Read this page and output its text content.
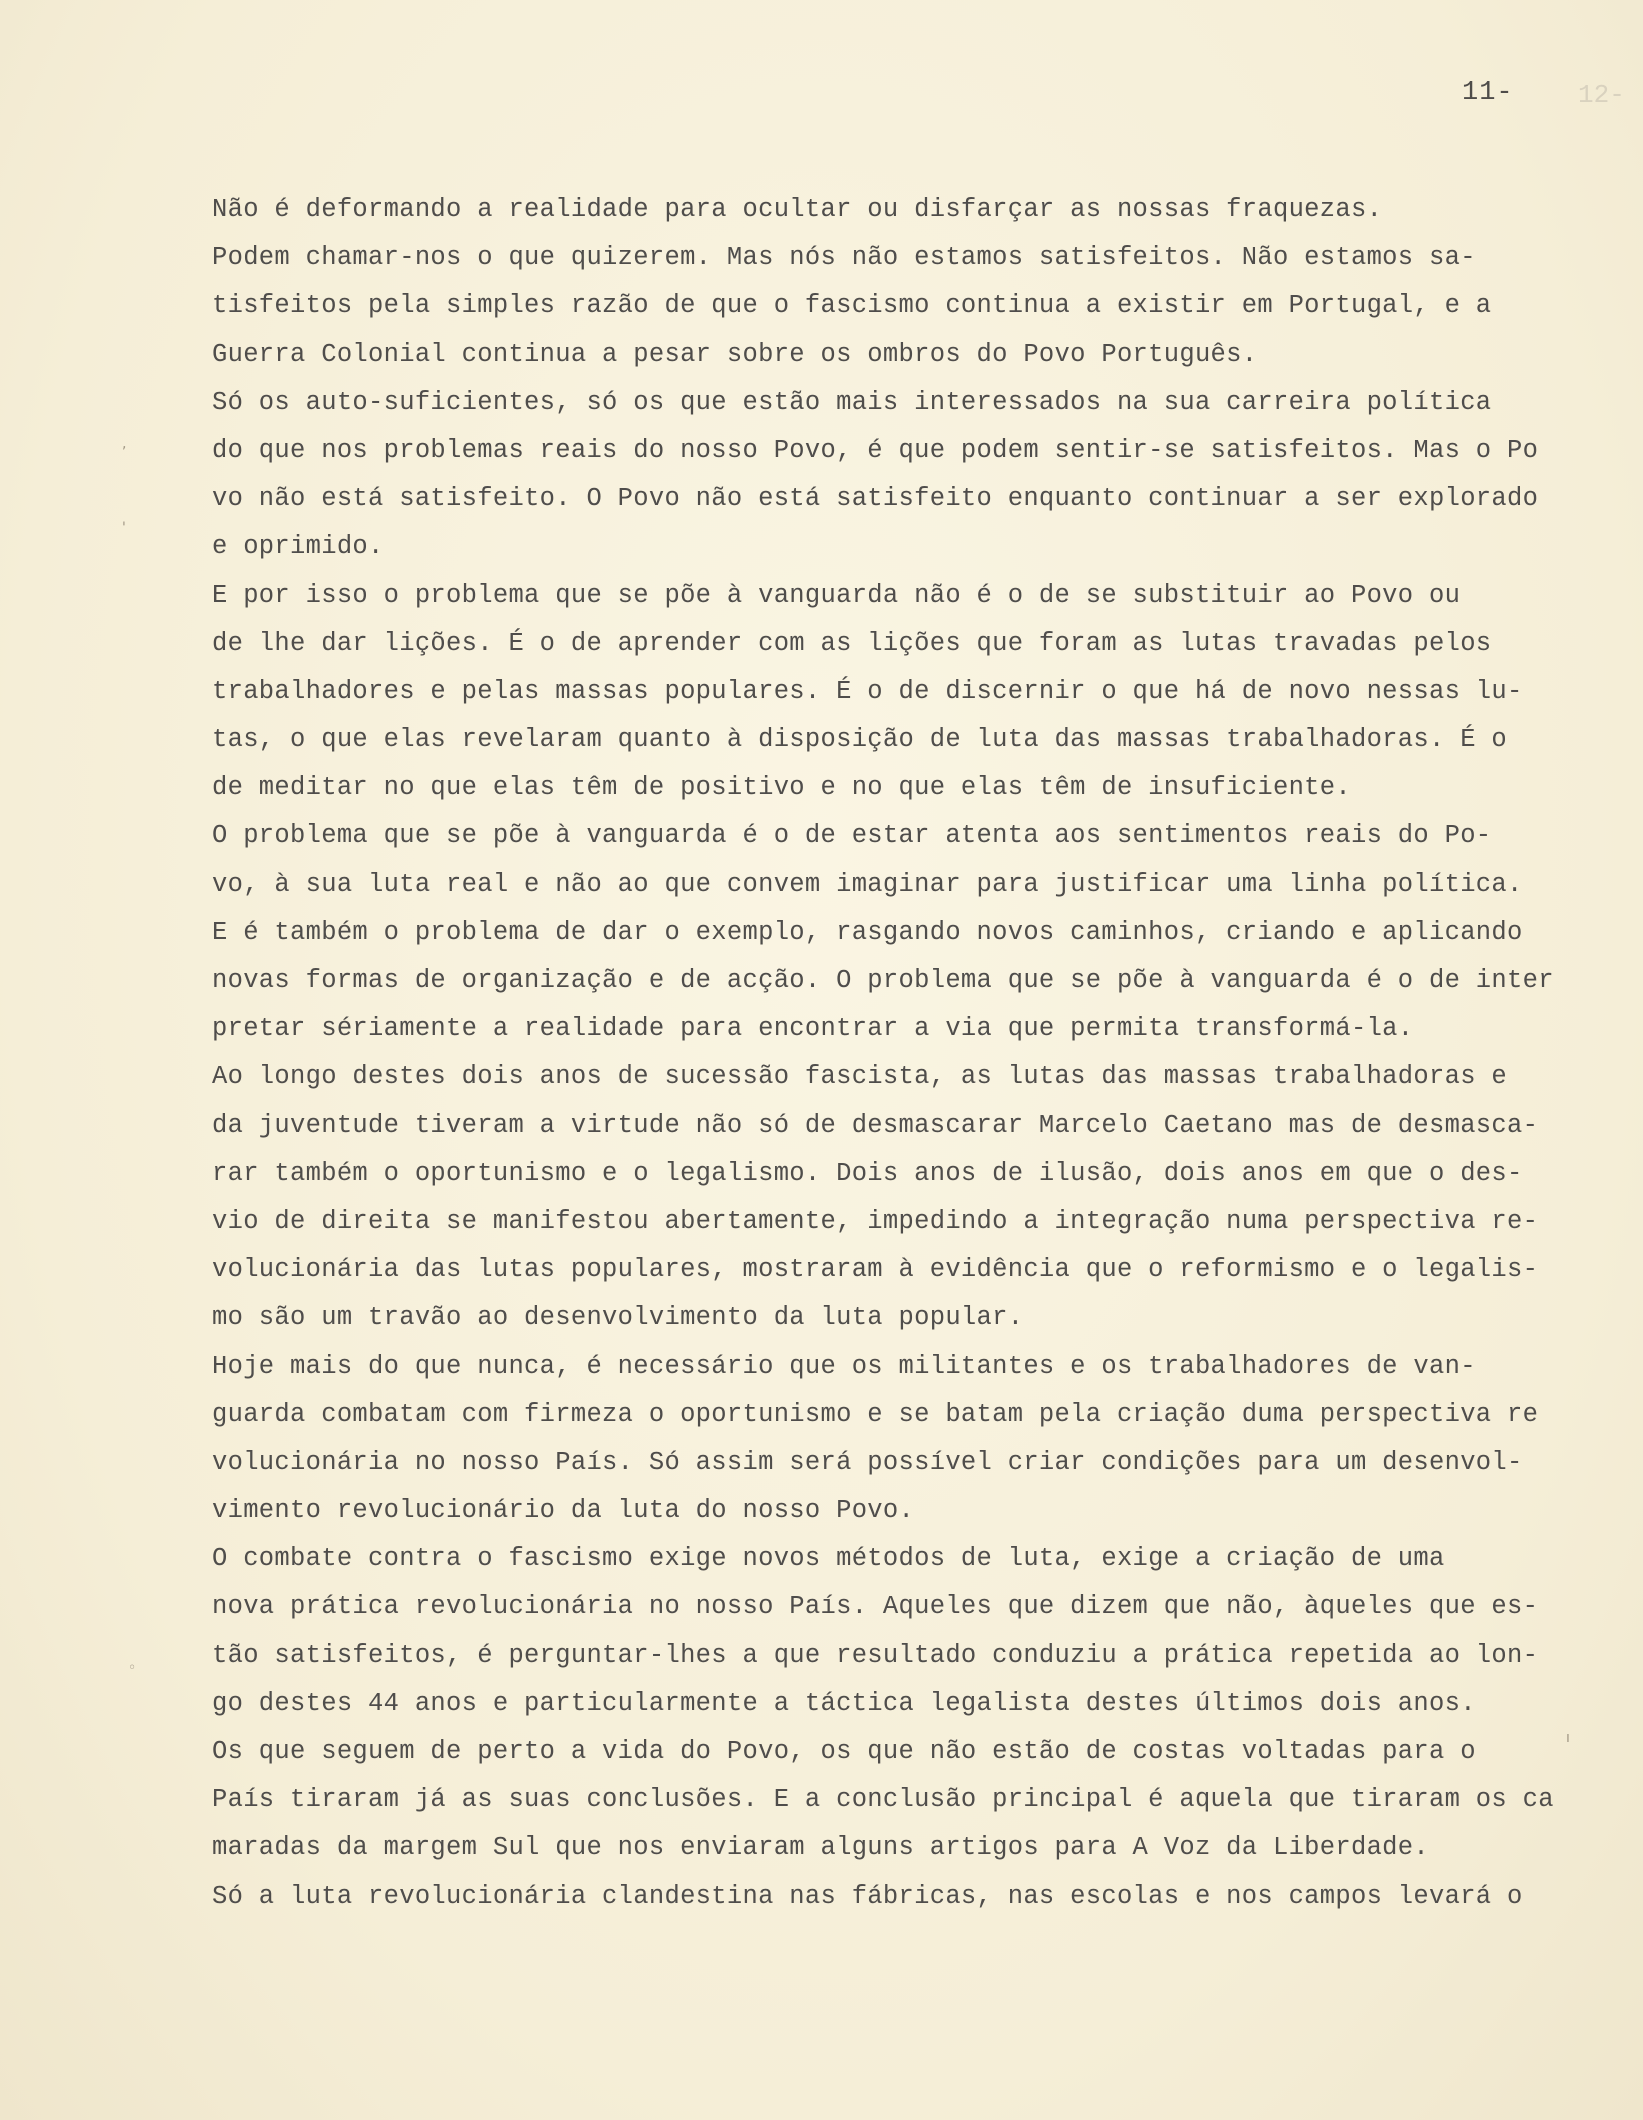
12-
11-
,
ꞌ
◦
ı
Não é deformando a realidade para ocultar ou disfarçar as nossas fraquezas.
Podem chamar-nos o que quizerem. Mas nós não estamos satisfeitos. Não estamos sa-
tisfeitos pela simples razão de que o fascismo continua a existir em Portugal, e a
Guerra Colonial continua a pesar sobre os ombros do Povo Português.
Só os auto-suficientes, só os que estão mais interessados na sua carreira política
do que nos problemas reais do nosso Povo, é que podem sentir-se satisfeitos. Mas o Po
vo não está satisfeito. O Povo não está satisfeito enquanto continuar a ser explorado
e oprimido.
E por isso o problema que se põe à vanguarda não é o de se substituir ao Povo ou
de lhe dar lições. É o de aprender com as lições que foram as lutas travadas pelos
trabalhadores e pelas massas populares. É o de discernir o que há de novo nessas lu-
tas, o que elas revelaram quanto à disposição de luta das massas trabalhadoras. É o
de meditar no que elas têm de positivo e no que elas têm de insuficiente.
O problema que se põe à vanguarda é o de estar atenta aos sentimentos reais do Po-
vo, à sua luta real e não ao que convem imaginar para justificar uma linha política.
E é também o problema de dar o exemplo, rasgando novos caminhos, criando e aplicando
novas formas de organização e de acção. O problema que se põe à vanguarda é o de inter
pretar sériamente a realidade para encontrar a via que permita transformá-la.
Ao longo destes dois anos de sucessão fascista, as lutas das massas trabalhadoras e
da juventude tiveram a virtude não só de desmascarar Marcelo Caetano mas de desmasca-
rar também o oportunismo e o legalismo. Dois anos de ilusão, dois anos em que o des-
vio de direita se manifestou abertamente, impedindo a integração numa perspectiva re-
volucionária das lutas populares, mostraram à evidência que o reformismo e o legalis-
mo são um travão ao desenvolvimento da luta popular.
Hoje mais do que nunca, é necessário que os militantes e os trabalhadores de van-
guarda combatam com firmeza o oportunismo e se batam pela criação duma perspectiva re
volucionária no nosso País. Só assim será possível criar condições para um desenvol-
vimento revolucionário da luta do nosso Povo.
O combate contra o fascismo exige novos métodos de luta, exige a criação de uma
nova prática revolucionária no nosso País. Aqueles que dizem que não, àqueles que es-
tão satisfeitos, é perguntar-lhes a que resultado conduziu a prática repetida ao lon-
go destes 44 anos e particularmente a táctica legalista destes últimos dois anos.
Os que seguem de perto a vida do Povo, os que não estão de costas voltadas para o
País tiraram já as suas conclusões. E a conclusão principal é aquela que tiraram os ca
maradas da margem Sul que nos enviaram alguns artigos para A Voz da Liberdade.
Só a luta revolucionária clandestina nas fábricas, nas escolas e nos campos levará o
